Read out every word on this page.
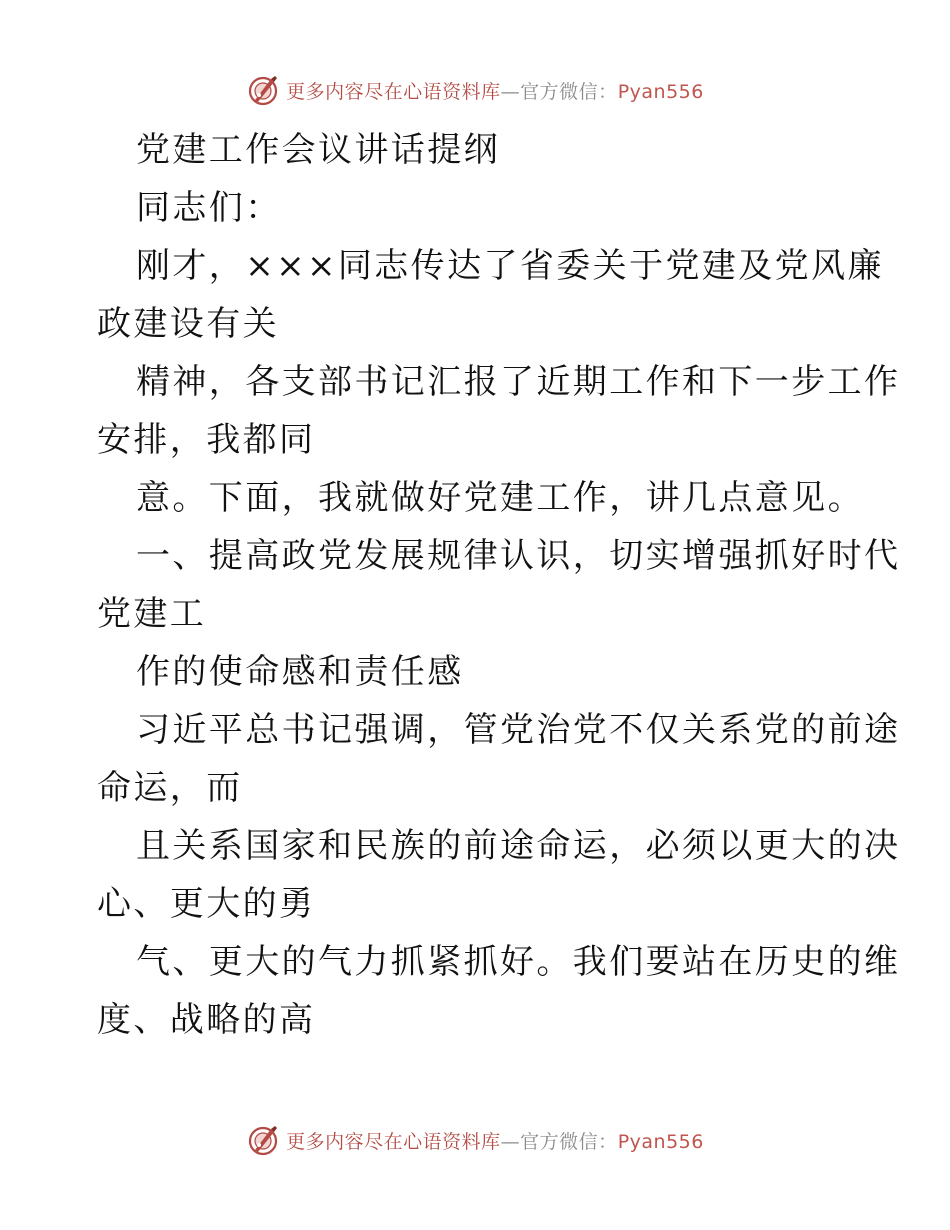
更多内容尽在心语资料库—官方微信：Pyan556
党建工作会议讲话提纲
同志们：
刚才，×××同志传达了省委关于党建及党风廉
政建设有关
精神，各支部书记汇报了近期工作和下一步工作
安排，我都同
意。下面，我就做好党建工作，讲几点意见。
一、提高政党发展规律认识，切实增强抓好时代
党建工
作的使命感和责任感
习近平总书记强调，管党治党不仅关系党的前途
命运，而
且关系国家和民族的前途命运，必须以更大的决
心、更大的勇
气、更大的气力抓紧抓好。我们要站在历史的维
度、战略的高
更多内容尽在心语资料库—官方微信：Pyan556
